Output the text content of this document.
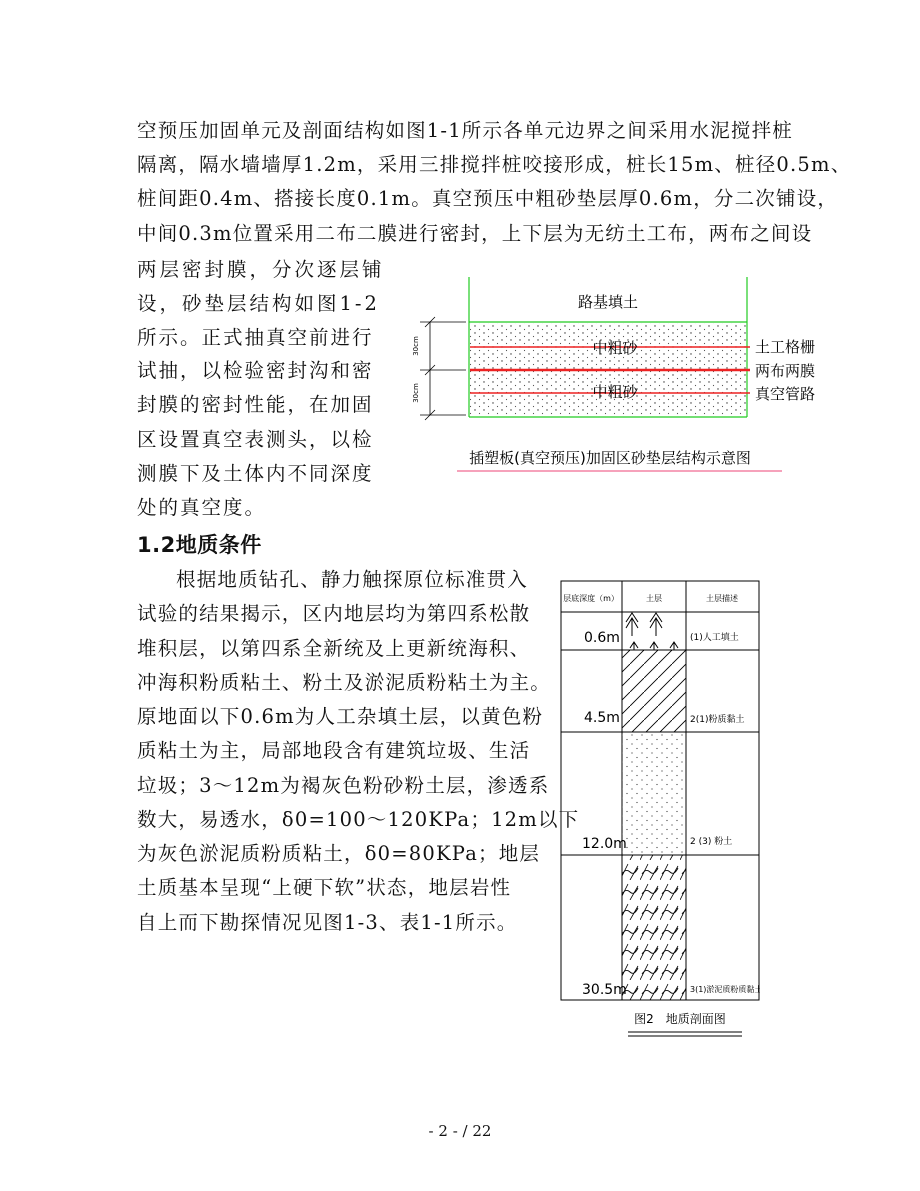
空预压加固单元及剖面结构如图1-1所示各单元边界之间采用水泥搅拌桩
隔离，隔水墙墙厚1.2m，采用三排搅拌桩咬接形成，桩长15m、桩径0.5m、
桩间距0.4m、搭接长度0.1m。真空预压中粗砂垫层厚0.6m，分二次铺设，
中间0.3m位置采用二布二膜进行密封，上下层为无纺土工布，两布之间设
两层密封膜，分次逐层铺
设，砂垫层结构如图1-2
所示。正式抽真空前进行
试抽，以检验密封沟和密
封膜的密封性能，在加固
区设置真空表测头，以检
测膜下及土体内不同深度
处的真空度。
30cm
30cm
路基填土
中粗砂
中粗砂
土工格栅
两布两膜
真空管路
插塑板(真空预压)加固区砂垫层结构示意图
1.2地质条件
根据地质钻孔、静力触探原位标准贯入
试验的结果揭示，区内地层均为第四系松散
堆积层，以第四系全新统及上更新统海积、
冲海积粉质粘土、粉土及淤泥质粉粘土为主。
原地面以下0.6m为人工杂填土层，以黄色粉
质粘土为主，局部地段含有建筑垃圾、生活
垃圾；3～12m为褐灰色粉砂粉土层，渗透系
数大，易透水，δ0=100～120KPa；12m以下
为灰色淤泥质粉质粘土，δ0=80KPa；地层
土质基本呈现“上硬下软”状态，地层岩性
自上而下勘探情况见图1-3、表1-1所示。
层底深度（m）	土层	土层描述
0.6m
4.5m
12.0m
30.5m
(1)人工填土
2(1)粉质黏土
2 (3) 粉土
3(1)淤泥质粉质黏土
图2　地质剖面图
- 2 - / 22
